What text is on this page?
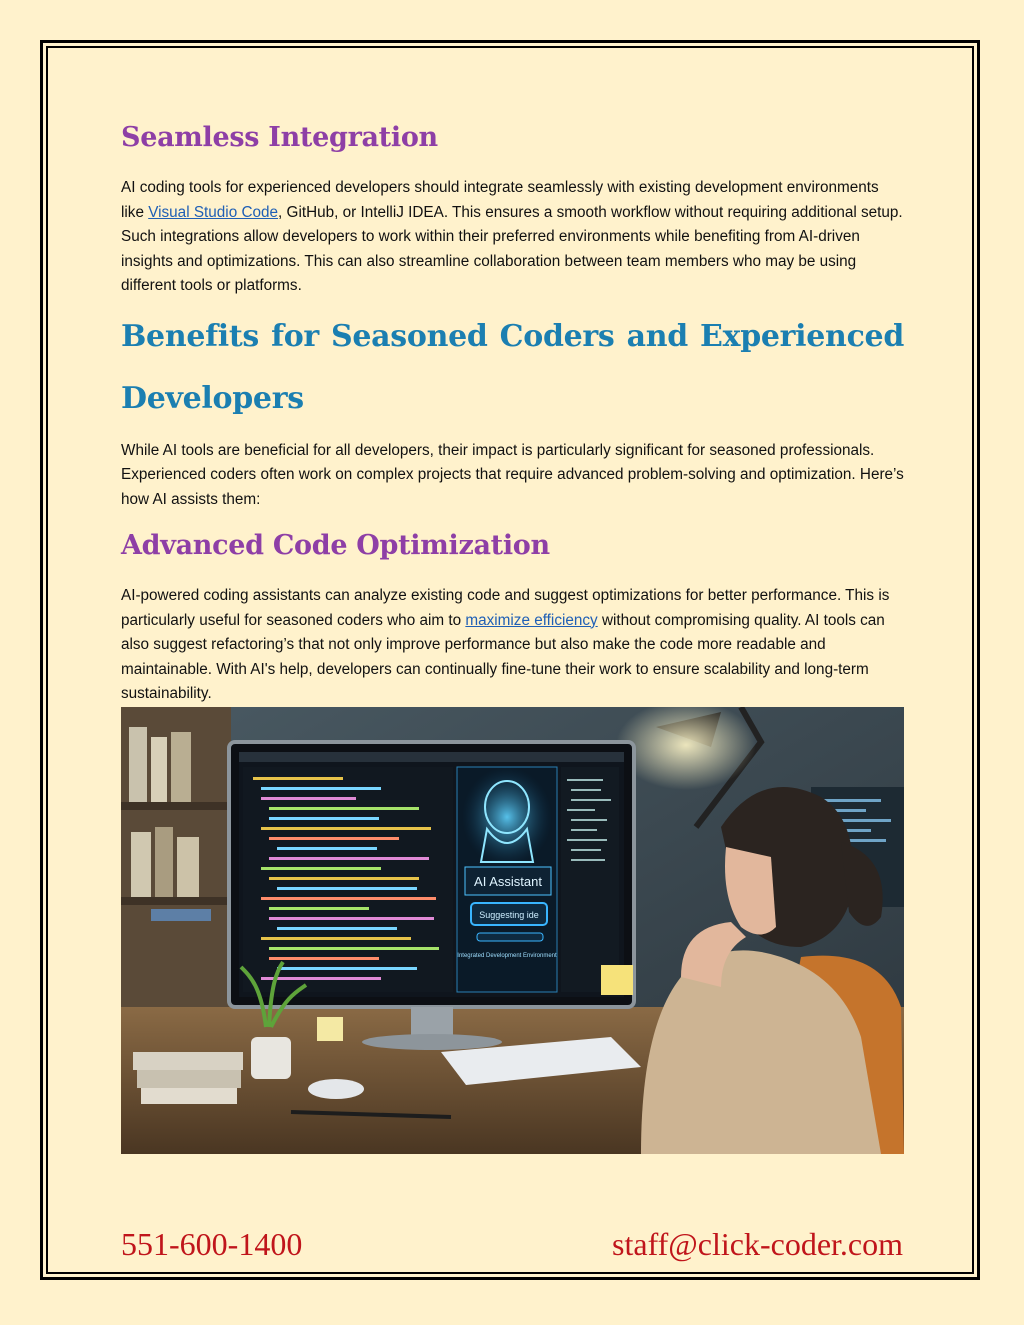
Seamless Integration

AI coding tools for experienced developers should integrate seamlessly with existing development environments like Visual Studio Code, GitHub, or IntelliJ IDEA. This ensures a smooth workflow without requiring additional setup. Such integrations allow developers to work within their preferred environments while benefiting from AI-driven insights and optimizations. This can also streamline collaboration between team members who may be using different tools or platforms.

Benefits for Seasoned Coders and Experienced Developers

While AI tools are beneficial for all developers, their impact is particularly significant for seasoned professionals. Experienced coders often work on complex projects that require advanced problem-solving and optimization. Here’s how AI assists them:

Advanced Code Optimization

AI-powered coding assistants can analyze existing code and suggest optimizations for better performance. This is particularly useful for seasoned coders who aim to maximize efficiency without compromising quality. AI tools can also suggest refactoring’s that not only improve performance but also make the code more readable and maintainable. With AI's help, developers can continually fine-tune their work to ensure scalability and long-term sustainability.

AI Assistant
Suggesting ide
Integrated Development Environment
551-600-1400	staff@click-coder.com
